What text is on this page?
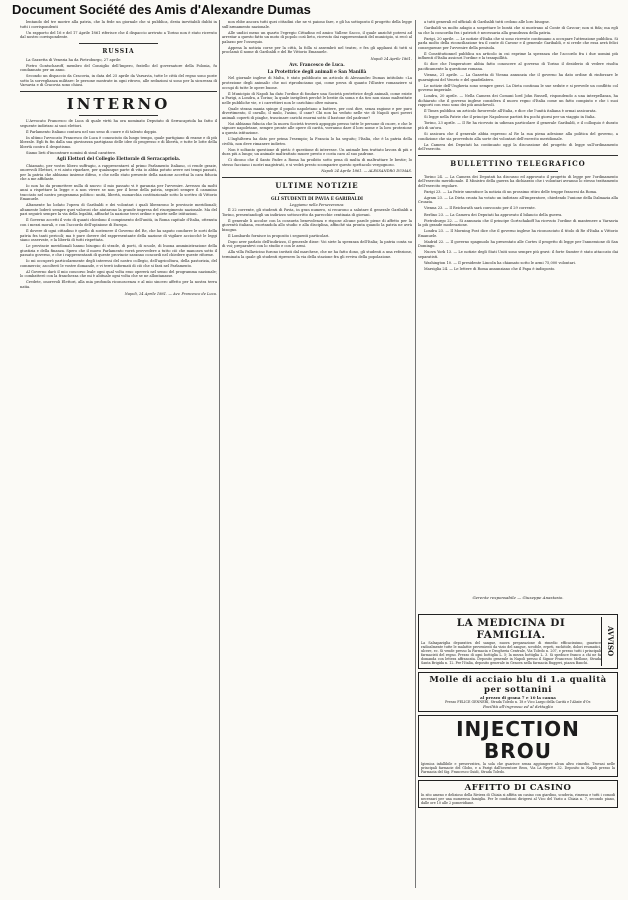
Document Société des Amis d'Alexandre Dumas

lentando del tre morire alla patria, che la fede un giornale che si pubblica, desta inevitabili dubbi in tutti i corrispondenti

Un rapporto del 16 e del 17 Aprile 1861 riferisce che il dispaccio arrivato a Torino non è stato ricevuto dal nostro corrispondente.

RUSSIA

La Gazzetta di Venezia ha da Pietroburgo, 27 aprile:

Pietro Gontscharoff, membro del Consiglio dell'Impero, fratello del governatore della Polonia, fu condannato per un anno.

Secondo un dispaccio da Cracovia, in data del 25 aprile da Varsavia, tutte le città del regno sono poste sotto la sorveglianza militare: le persone mostrate in ogni ritrovo, alle seduzioni si sono per la sicurezza di Varsavia e di Cracovia sono chiusi.

INTERNO

L'Avvocato Francesco de Luca di quale virtù ha ora nominato Deputato di Serracapriola ha fatto il seguente indirizzo ai suoi elettori.

Il Parlamento Italiano contava nel suo seno di cuore e di talento doppio.

In ultimo l'avvocato Francesco de Luca è conosciuto da lungo tempo, quale partigiano di reame e di più liberale. Egli fu fin dalla sua giovinezza partigiano delle idee di progresso e di libertà, e tutte le lotte della libertà contro il despotismo.

Siamo lieti d'incontrare nomini di simil carattere.

Agli Elettori del Collegio Elettorale di Serracapriola.

Chiamato, per vostro libero suffragio, a rappresentarvi al primo Parlamento Italiano, ci rende grazie, onorevoli Elettori, e vi aiuto riparlare, per qualunque parte di vita io abbia potuto avere nei tempi passati, per la patria che abbiamo insieme difeso, e che nello stato presente della nazione accettai la cara fiducia che a me affidaste.

Io non ho da promettere nulla di nuovo: il mio passato vi è garanzia per l'avvenire. Avvezzo da molti anni a rispettare la legge e a non vivere se non per il bene della patria, seguirò sempre il cammino tracciato nel nostro programma politico: unità, libertà, monarchia costituzionale sotto lo scettro di Vittorio Emanuele.

Altamente ho lodato l'opera di Garibaldi e dei volontari i quali liberarono le provincie meridionali; altamente loderò sempre quei valorosi che aiutarono la grande impresa del risorgimento nazionale. Ma del pari seguirò sempre la via della legalità, affinché la nazione trovi ordine e quiete nelle istituzioni.

Il Governo accetti il voto di quanti chiedono il compimento dell'unità, in Roma capitale d'Italia, ottenuta con i mezzi morali, e con l'accordo dell'opinione di Europa.

Il dovere di ogni cittadino è quello di sostenere il Governo del Re, che ha saputo condurre le sorti della patria fra tanti pericoli; ma è pure dovere del rappresentante della nazione di vigilare acciocché le leggi siano osservate, e la libertà di tutti rispettata.

Le provincie meridionali hanno bisogno di strade, di porti, di scuole, di buona amministrazione della giustizia e della finanza. Spero che il nuovo Parlamento vorrà provvedere a tutto ciò che mancava sotto il passato governo, e che i rappresentanti di queste provincie saranno concordi nel chiedere queste riforme.

Io mi occuperò particolarmente degli interessi del nostro collegio, dell'agricoltura, della pastorizia, del commercio; ascolterò le vostre domande, e vi terrò informati di ciò che si farà nel Parlamento.

Al Governo darò il mio concorso leale ogni qual volta esso opererà nel senso del programma nazionale; lo combatterò con la franchezza che mi è abituale ogni volta che se ne allontanasse.

Credete, onorevoli Elettori, alla mia profonda riconoscenza e al mio sincero affetto per la nostra terra natia.

Napoli, 24 Aprile 1861. — Avv. Francesco de Luca.

non ebbe ancora tutti quei cittadini che ne vi paiono fare, e gli ha sottoposto il progetto della legge sull'armamento nazionale.

Alle undici meno un quarto l'egregio Cittadino ed amico Vallese Sacco, il quale anziché potersi ad arrestar a questo fatto un moto di popolo così lieto, ricevuto dai rappresentanti del municipio, si recò al palazzo per l'ossequio.

Appena la notizia corse per la città, la folla si assembrò nel teatro, e fra gli applausi di tutti si proclamò il nome di Garibaldi e del Re Vittorio Emanuele.

Napoli 24 Aprile 1861.

Avv. Francesco de Luca.
La Protettrice degli animali e San Manillà

Nel giornale inglese di Malta, è stato pubblicato un articolo di Alessandro Dumas intitolato «La protezione degli animali» che noi riproduciamo qui, come prova di quanto l'illustre romanziere si occupi di tutte le opere buone.

Il Municipio di Napoli ha dato l'ordine di fondare una Società protettrice degli animali, come esiste a Parigi, a Londra, a Torino; la quale invigilerà perché le bestie da soma e da tiro non siano maltrattate nelle pubbliche vie, e i carrettieri non le carichino oltre misura.

Quale strana mania spinge il popolo napoletano a battere, per così dire, senza ragione e per puro divertimento, il cavallo, il mulo, l'asino, il cane? Chi non ha veduto nelle vie di Napoli quei poveri animali coperti di piaghe, trascinare carichi enormi sotto il bastone del padrone?

Noi abbiamo fiducia che la nuova Società troverà appoggio presso tutte le persone di cuore, e che le signore napoletane, sempre pronte alle opere di carità, vorranno dare il loro nome e la loro protezione a questa istituzione.

L'Inghilterra ha dato per prima l'esempio; la Francia lo ha seguito; l'Italia, che è la patria della civiltà, non deve rimanere indietro.

Non è soltanto questione di pietà: è questione di interesse. Un animale ben trattato lavora di più e dura più a lungo; un animale maltrattato muore presto e costa caro al suo padrone.

Ci dicono che il Santo Padre a Roma ha proibito sotto pena di multa di maltrattare le bestie; lo stesso facciano i nostri magistrati, e si vedrà presto scomparire questo spettacolo vergognoso.

Napoli 24 Aprile 1861. — ALESSANDRO DUMAS.

ULTIME NOTIZIE
GLI STUDENTI DI PAVIA E GARIBALDI

Leggiamo nella Perseveranza:

Il 22 corrente, gli studenti di Pavia, in gran numero, si recarono a salutare il generale Garibaldi a Torino, presentandogli un indirizzo sottoscritto da parecchie centinaia di giovani.

Il generale li accolse con la consueta benevolenza e rispose alcune parole piene di affetto per la gioventù italiana, esortandola allo studio e alla disciplina, affinché sia pronta quando la patria ne avrà bisogno.

Il Lombardo fornisce in proposito i seguenti particolari.

Dopo aver parlato dell'indirizzo, il generale disse: Voi siete la speranza dell'Italia; la patria conta su di voi; preparatevi con lo studio e con le armi.

Alla villa Pallavicino furono invitati dal marchese, che ne ha fatto dono, gli studenti a una refezione, terminata la quale gli studenti ripresero la via della stazione fra gli evviva della popolazione.

a tutti generali ed ufficiali di Garibaldi tutti cedono alle loro bisogne.

Garibaldi va molto adagio a sospettare le bontà che si mostrano al Conte di Cavour; non si fida; ma egli sa che la concordia fra i patrioti è necessaria alla grandezza della patria.

Parigi, 20 aprile. — Le notizie d'Italia che si sono ricevute continuano a occupare l'attenzione pubblica. Si parla molto della riconciliazione tra il conte di Cavour e il generale Garibaldi, e si crede che essa avrà felici conseguenze per l'avvenire della penisola.

Il Constitutionnel pubblica un articolo in cui esprime la speranza che l'accordo fra i due uomini più influenti d'Italia assicuri l'ordine e la tranquillità.

Si dice che l'imperatore abbia fatto conoscere al governo di Torino il desiderio di vedere risolta pacificamente la questione romana.

Vienna, 21 aprile. — La Gazzetta di Vienna annunzia che il governo ha dato ordine di rinforzare le guarnigioni del Veneto e del quadrilatero.

Le notizie dell'Ungheria sono sempre gravi. La Dieta continua le sue sedute e si prevede un conflitto col governo imperiale.

Londra, 20 aprile. — Nella Camera dei Comuni lord John Russell, rispondendo a una interpellanza, ha dichiarato che il governo inglese considera il nuovo regno d'Italia come un fatto compiuto e che i suoi rapporti con esso sono dei più amichevoli.

Il Times pubblica un articolo favorevole all'Italia, e dice che l'unità italiana è ormai assicurata.

Si legge nella Patrie che il principe Napoleone partirà fra pochi giorni per un viaggio in Italia.

Torino, 23 aprile. — Il Re ha ricevuto in udienza particolare il generale Garibaldi, e il colloquio è durato più di un'ora.

Si assicura che il generale abbia espresso al Re la sua piena adesione alla politica del governo, a condizione che sia provveduto alla sorte dei volontari dell'esercito meridionale.

La Camera dei Deputati ha continuato oggi la discussione del progetto di legge sull'ordinamento dell'esercito.

BULLETTINO TELEGRAFICO

Torino 24. — La Camera dei Deputati ha discusso ed approvato il progetto di legge per l'ordinamento dell'esercito meridionale. Il Ministro della guerra ha dichiarato che i volontari avranno lo stesso trattamento dell'esercito regolare.

Parigi 23. — La Patrie smentisce la notizia di un prossimo ritiro delle truppe francesi da Roma.

Agram 23. — La Dieta croata ha votato un indirizzo all'imperatore, chiedendo l'unione della Dalmazia alla Croazia.

Vienna 23. — Il Reichsrath sarà convocato per il 29 corrente.

Berlino 23. — La Camera dei Deputati ha approvato il bilancio della guerra.

Pietroburgo 22. — Si annunzia che il principe Gortschakoff ha ricevuto l'ordine di mantenere a Varsavia la più grande moderazione.

Londra 23. — Il Morning Post dice che il governo inglese ha riconosciuto il titolo di Re d'Italia a Vittorio Emanuele.

Madrid 22. — Il governo spagnuolo ha presentato alle Cortes il progetto di legge per l'annessione di San Domingo.

Nuova York 13. — Le notizie degli Stati Uniti sono sempre più gravi: il forte Sumter è stato attaccato dai separatisti.

Washington 10. — Il presidente Lincoln ha chiamato sotto le armi 75,000 volontari.

Marsiglia 24. — Le lettere di Roma annunziano che il Papa è indisposto.

Gerente responsabile — Giuseppe Anastasio.
LA MEDICINA DI FAMIGLIA.
La Salsapariglia depurativa del sangue, nuova preparazione di rimedio efficacissimo, guarisce radicalmente tutte le malattie provenienti da vizio del sangue, scrofole, erpeti, rachitide, dolori reumatici, ulcere, ec. Si vende presso la Farmacia e Drogheria Centrale, Via Toledo n. 207, e presso tutti i principali farmacisti del regno. Prezzo di ogni bottiglia L. 5; la mezza bottiglia L. 3. Si spedisce franco a chi ne fa domanda con lettera affrancata. Deposito generale in Napoli presso il Signor Francesco Mellone, Strada Santa Brigida n. 12. Per l'Italia, deposito generale in Genova nella farmacia Ruggeri, piazza Banchi.
AVVISO
Molle di acciaio blu di 1.a qualità per sottanini
al prezzo di grana 7 e 10 la canna
Presso FELICE GENNERI, Strada Toledo n. 18 e Vico Largo della Carità e l'Abate d'Or.
Facilità all'ingrosso ed al dettaglio
INJECTION BROU
Igienica infallibile e preservativa, la sola che guarisce senza aggiungere alcun altro rimedio. Trovasi nelle principali farmacie del Globo, e a Parigi dall'inventore Brou, Via La Fayette 32. Deposito in Napoli presso la Farmacia del Sig. Francesco Guidi, Strada Toledo.
AFFITTO DI CASINO
In sito ameno e delizioso della Riviera di Chiaia si affitta un casino con giardino, scuderia, rimessa e tutti i comodi necessari per una numerosa famiglia. Per le condizioni dirigersi al Vico del Vasto a Chiaia n. 7, secondo piano, dalle ore 10 alle 2 pomeridiane.
